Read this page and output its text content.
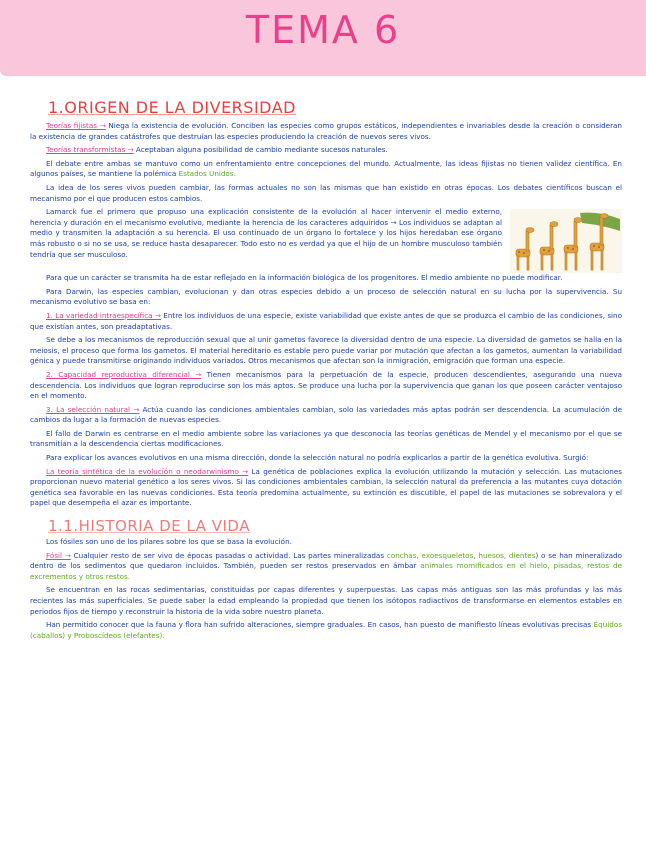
TEMA 6
1.ORIGEN DE LA DIVERSIDAD

Teorías fijistas → Niega la existencia de evolución. Conciben las especies como grupos estáticos, independientes e invariables desde la creación o consideran la existencia de grandes catástrofes que destruían las especies produciendo la creación de nuevos seres vivos.

Teorías transformistas → Aceptaban alguna posibilidad de cambio mediante sucesos naturales.

El debate entre ambas se mantuvo como un enfrentamiento entre concepciones del mundo. Actualmente, las ideas fijistas no tienen validez científica. En algunos países, se mantiene la polémica Estados Unidos.

La idea de los seres vivos pueden cambiar, las formas actuales no son las mismas que han existido en otras épocas. Los debates científicos buscan el mecanismo por el que producen estos cambios.

Lamarck fue el primero que propuso una explicación consistente de la evolución al hacer intervenir el medio externo, herencia y duración en el mecanismo evolutivo, mediante la herencia de los caracteres adquiridos → Los individuos se adaptan al medio y transmiten la adaptación a su herencia. El uso continuado de un órgano lo fortalece y los hijos heredaban ese órgano más robusto o si no se usa, se reduce hasta desaparecer. Todo esto no es verdad ya que el hijo de un hombre musculoso también tendría que ser musculoso.

Para que un carácter se transmita ha de estar reflejado en la información biológica de los progenitores. El medio ambiente no puede modificar.

Para Darwin, las especies cambian, evolucionan y dan otras especies debido a un proceso de selección natural en su lucha por la supervivencia. Su mecanismo evolutivo se basa en:

1. La variedad intraespecífica → Entre los individuos de una especie, existe variabilidad que existe antes de que se produzca el cambio de las condiciones, sino que existían antes, son preadaptativas.

Se debe a los mecanismos de reproducción sexual que al unir gametos favorece la diversidad dentro de una especie. La diversidad de gametos se halla en la meiosis, el proceso que forma los gametos. El material hereditario es estable pero puede variar por mutación que afectan a los gametos, aumentan la variabilidad génica y puede transmitirse originando individuos variados. Otros mecanismos que afectan son la inmigración, emigración que forman una especie.

2. Capacidad reproductiva diferencial → Tienen mecanismos para la perpetuación de la especie, producen descendientes, asegurando una nueva descendencia. Los individuos que logran reproducirse son los más aptos. Se produce una lucha por la supervivencia que ganan los que poseen carácter ventajoso en el momento.

3. La selección natural → Actúa cuando las condiciones ambientales cambian, solo las variedades más aptas podrán ser descendencia. La acumulación de cambios da lugar a la formación de nuevas especies.

El fallo de Darwin es centrarse en el medio ambiente sobre las variaciones ya que desconocía las teorías genéticas de Mendel y el mecanismo por el que se transmitían a la descendencia ciertas modificaciones.

Para explicar los avances evolutivos en una misma dirección, donde la selección natural no podría explicarlos a partir de la genética evolutiva. Surgió:

La teoría sintética de la evolución o neodarwinismo → La genética de poblaciones explica la evolución utilizando la mutación y selección. Las mutaciones proporcionan nuevo material genético a los seres vivos. Si las condiciones ambientales cambian, la selección natural da preferencia a las mutantes cuya dotación genética sea favorable en las nuevas condiciones. Esta teoría predomina actualmente, su extinción es discutible, el papel de las mutaciones se sobrevalora y el papel que desempeña el azar es importante.

1.1.HISTORIA DE LA VIDA

Los fósiles son uno de los pilares sobre los que se basa la evolución.

Fósil → Cualquier resto de ser vivo de épocas pasadas o actividad. Las partes mineralizadas conchas, exoesqueletos, huesos, dientes) o se han mineralizado dentro de los sedimentos que quedaron incluidos. También, pueden ser restos preservados en ámbar animales momificados en el hielo, pisadas, restos de excrementos y otros restos.

Se encuentran en las rocas sedimentarias, constituidas por capas diferentes y superpuestas. Las capas más antiguas son las más profundas y las más recientes las más superficiales. Se puede saber la edad empleando la propiedad que tienen los isótopos radiactivos de transformarse en elementos estables en periodos fijos de tiempo y reconstruir la historia de la vida sobre nuestro planeta.

Han permitido conocer que la fauna y flora han sufrido alteraciones, siempre graduales. En casos, han puesto de manifiesto líneas evolutivas precisas Équidos (caballos) y Proboscídeos (elefantes).
